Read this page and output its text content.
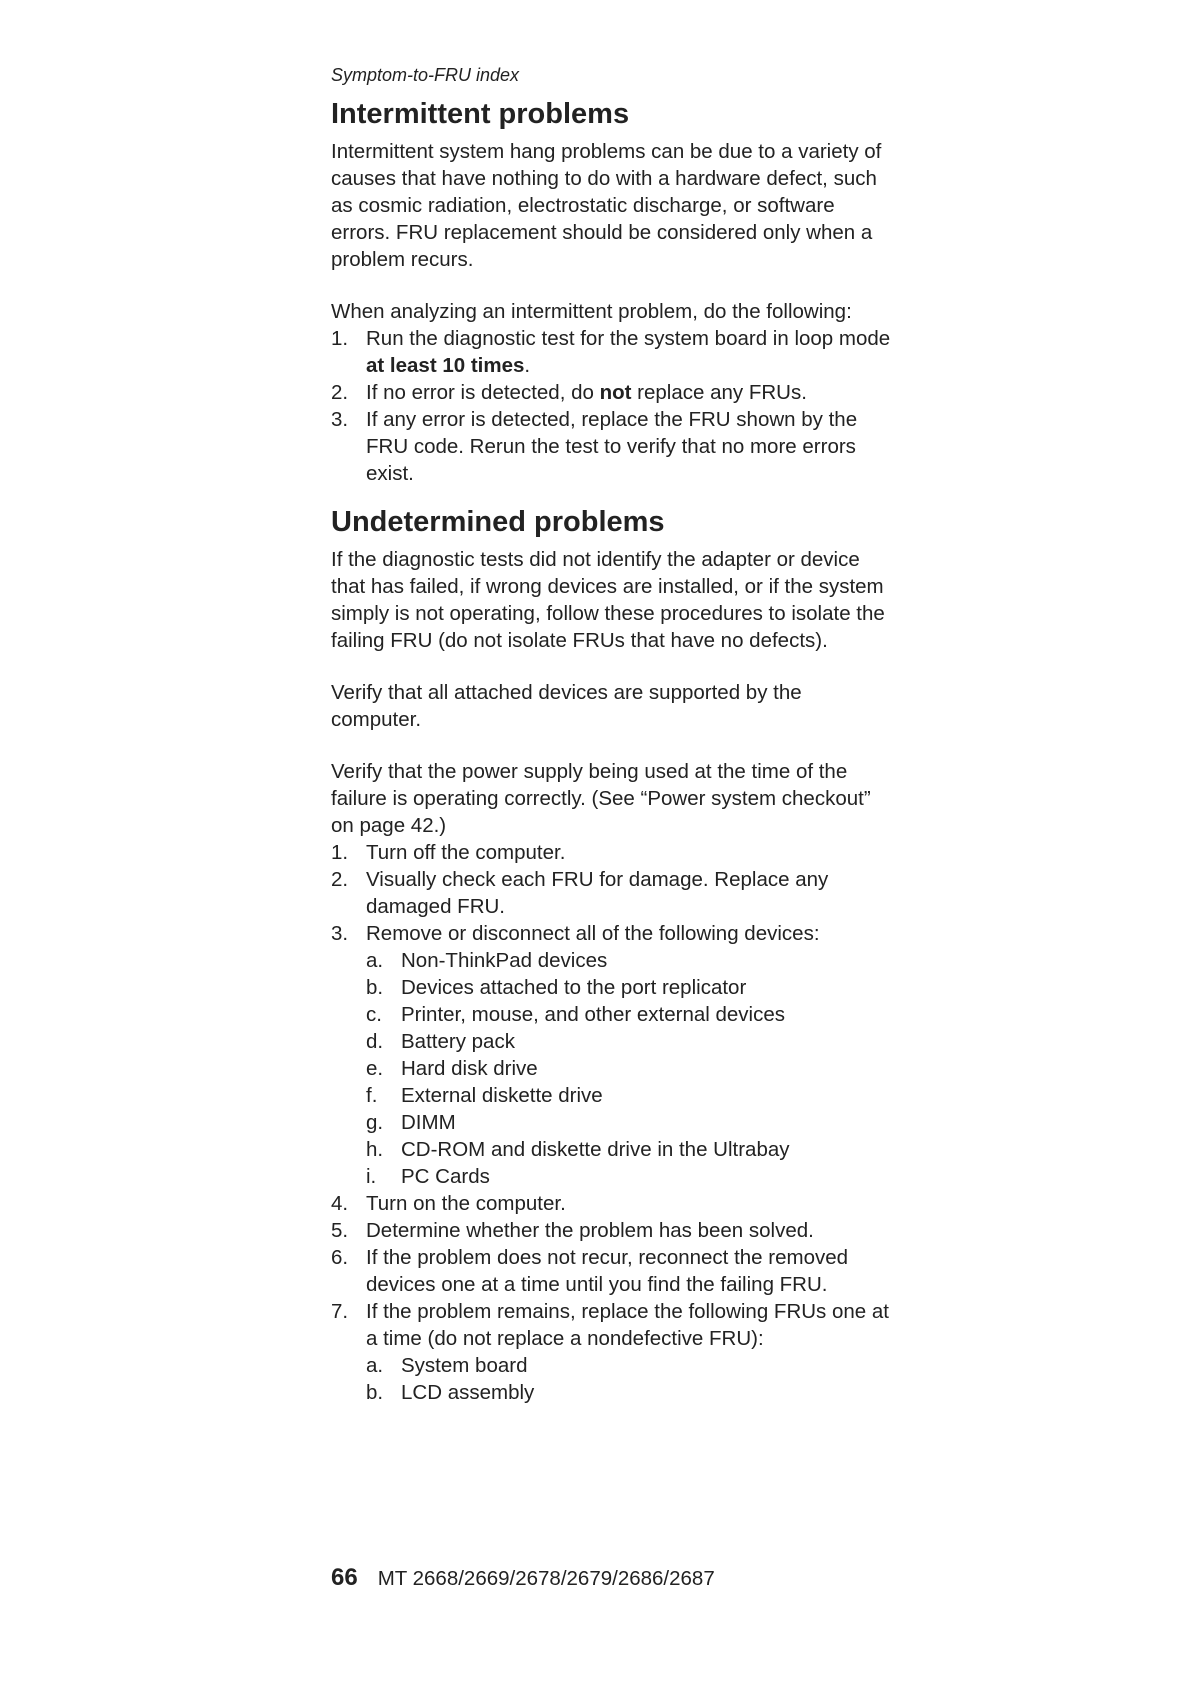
Symptom-to-FRU index
Intermittent problems

Intermittent system hang problems can be due to a variety of causes that have nothing to do with a hardware defect, such as cosmic radiation, electrostatic discharge, or software errors. FRU replacement should be considered only when a problem recurs.

When analyzing an intermittent problem, do the following:

1. Run the diagnostic test for the system board in loop mode at least 10 times.
2. If no error is detected, do not replace any FRUs.
3. If any error is detected, replace the FRU shown by the FRU code. Rerun the test to verify that no more errors exist.
Undetermined problems

If the diagnostic tests did not identify the adapter or device that has failed, if wrong devices are installed, or if the system simply is not operating, follow these procedures to isolate the failing FRU (do not isolate FRUs that have no defects).

Verify that all attached devices are supported by the computer.

Verify that the power supply being used at the time of the failure is operating correctly. (See “Power system checkout” on page 42.)

1. Turn off the computer.
2. Visually check each FRU for damage. Replace any damaged FRU.
3. Remove or disconnect all of the following devices:
a. Non-ThinkPad devices
b. Devices attached to the port replicator
c. Printer, mouse, and other external devices
d. Battery pack
e. Hard disk drive
f. External diskette drive
g. DIMM
h. CD-ROM and diskette drive in the Ultrabay
i. PC Cards
4. Turn on the computer.
5. Determine whether the problem has been solved.
6. If the problem does not recur, reconnect the removed devices one at a time until you find the failing FRU.
7. If the problem remains, replace the following FRUs one at a time (do not replace a nondefective FRU):
a. System board
b. LCD assembly
66 MT 2668/2669/2678/2679/2686/2687
